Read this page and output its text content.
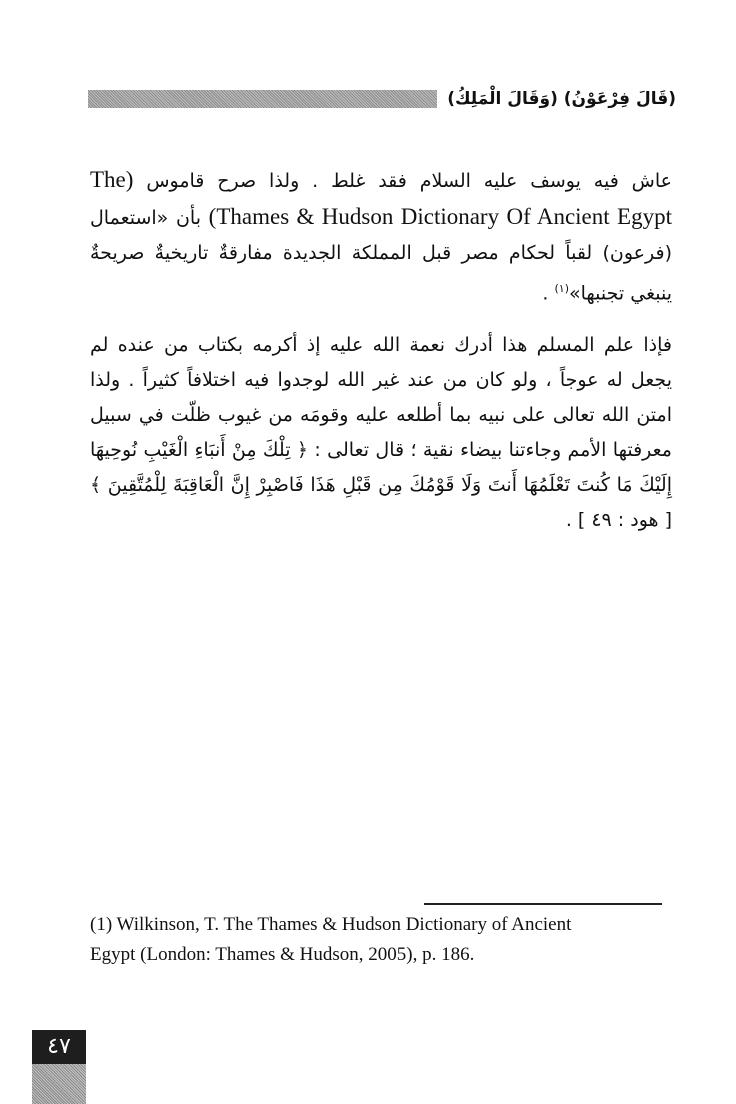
(قَالَ فِرْعَوْنُ) (وَقَالَ الْمَلِكُ)

عاش فيه يوسف عليه السلام فقد غلط . ولذا صرح قاموس (The Thames & Hudson Dictionary Of Ancient Egypt) بأن «استعمال (فرعون) لقباً لحكام مصر قبل المملكة الجديدة مفارقةٌ تاريخيةٌ صريحةٌ ينبغي تجنبها»$^{(١)}$ .

فإذا علم المسلم هذا أدرك نعمة الله عليه إذ أكرمه بكتاب من عنده لم يجعل له عوجاً ، ولو كان من عند غير الله لوجدوا فيه اختلافاً كثيراً . ولذا امتن الله تعالى على نبيه بما أطلعه عليه وقومَه من غيوب ظلّت في سبيل معرفتها الأمم وجاءتنا بيضاء نقية ؛ قال تعالى : ﴿ تِلْكَ مِنْ أَنبَاءِ الْغَيْبِ نُوحِيهَا إِلَيْكَ مَا كُنتَ تَعْلَمُهَا أَنتَ وَلَا قَوْمُكَ مِن قَبْلِ هَذَا فَاصْبِرْ إِنَّ الْعَاقِبَةَ لِلْمُتَّقِينَ ﴾ [ هود : ٤٩ ] .

(1) Wilkinson, T. The Thames & Hudson Dictionary of Ancient
Egypt (London: Thames & Hudson, 2005), p. 186.
٤٧
